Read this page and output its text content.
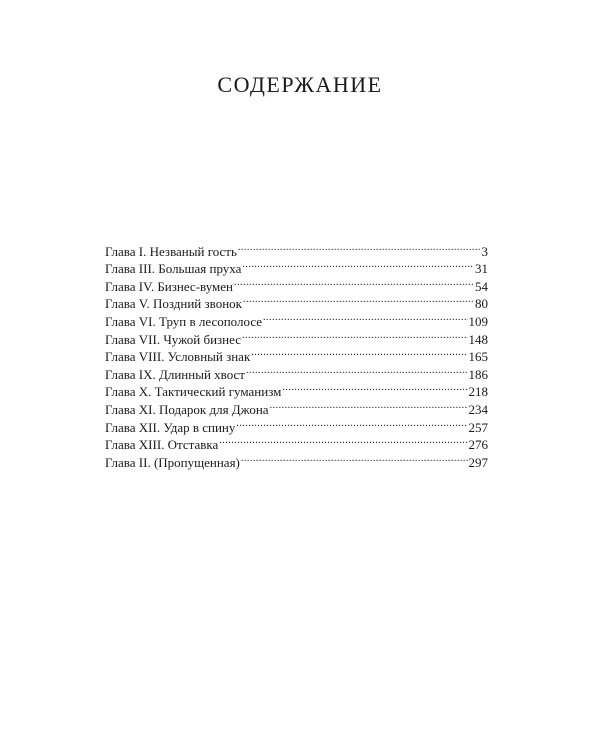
СОДЕРЖАНИЕ
Глава I. Незваный гость .....	3
Глава III. Большая пруха .....	31
Глава IV. Бизнес-вумен .....	54
Глава V. Поздний звонок .....	80
Глава VI. Труп в лесополосе .....	109
Глава VII. Чужой бизнес .....	148
Глава VIII. Условный знак .....	165
Глава IX. Длинный хвост .....	186
Глава X. Тактический гуманизм .....	218
Глава XI. Подарок для Джона .....	234
Глава XII. Удар в спину .....	257
Глава XIII. Отставка .....	276
Глава II. (Пропущенная) .....	297
